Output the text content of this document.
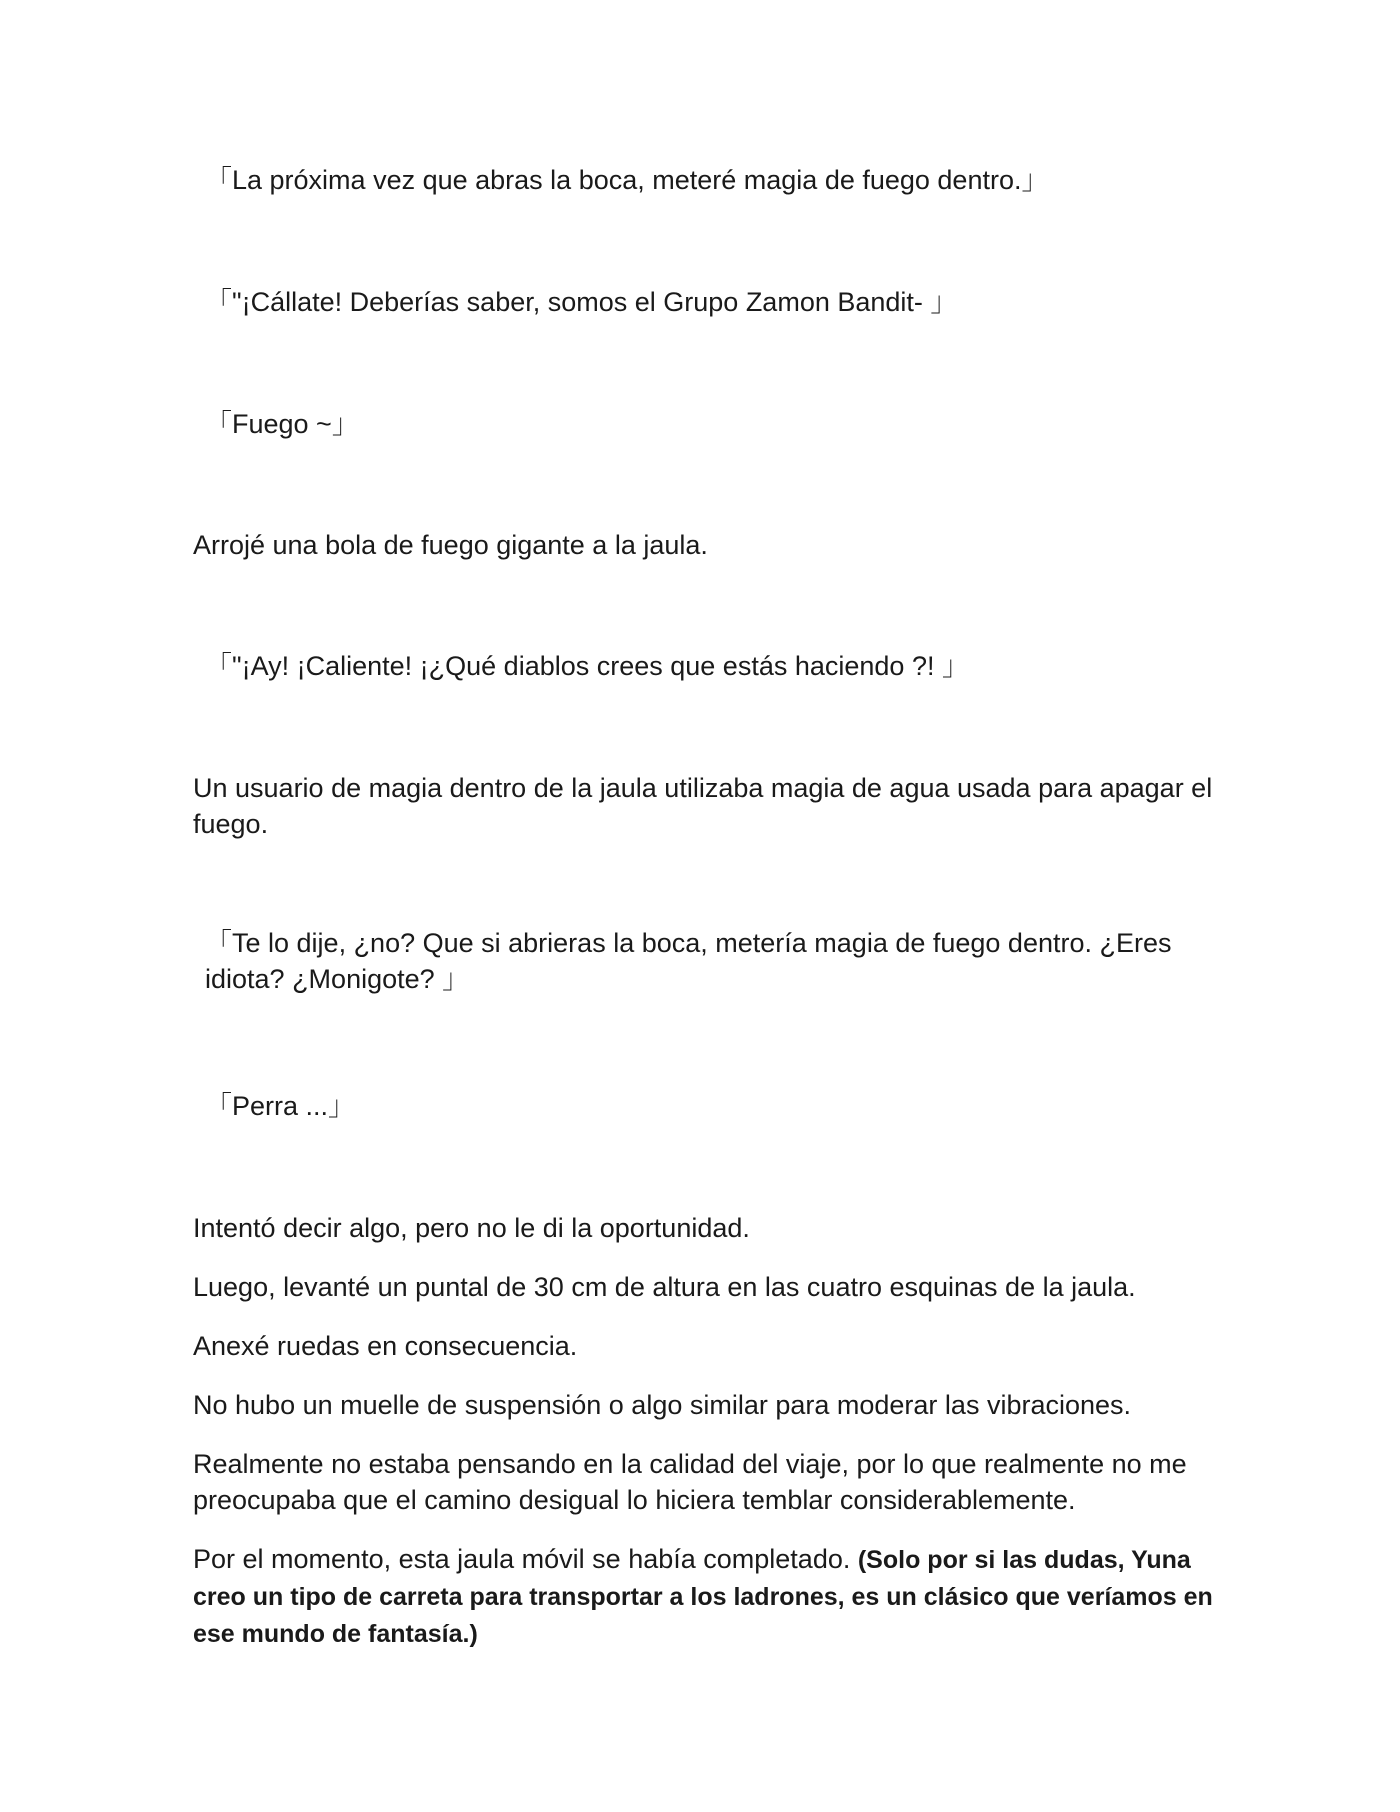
「La próxima vez que abras la boca, meteré magia de fuego dentro.」

「"¡Cállate! Deberías saber, somos el Grupo Zamon Bandit- 」

「Fuego ~」

Arrojé una bola de fuego gigante a la jaula.

「"¡Ay! ¡Caliente! ¡¿Qué diablos crees que estás haciendo ?! 」

Un usuario de magia dentro de la jaula utilizaba magia de agua usada para apagar el fuego.

「Te lo dije, ¿no? Que si abrieras la boca, metería magia de fuego dentro. ¿Eres idiota? ¿Monigote? 」

「Perra ...」

Intentó decir algo, pero no le di la oportunidad.

Luego, levanté un puntal de 30 cm de altura en las cuatro esquinas de la jaula.

Anexé ruedas en consecuencia.

No hubo un muelle de suspensión o algo similar para moderar las vibraciones.

Realmente no estaba pensando en la calidad del viaje, por lo que realmente no me preocupaba que el camino desigual lo hiciera temblar considerablemente.

Por el momento, esta jaula móvil se había completado. (Solo por si las dudas, Yuna creo un tipo de carreta para transportar a los ladrones, es un clásico que veríamos en ese mundo de fantasía.)
